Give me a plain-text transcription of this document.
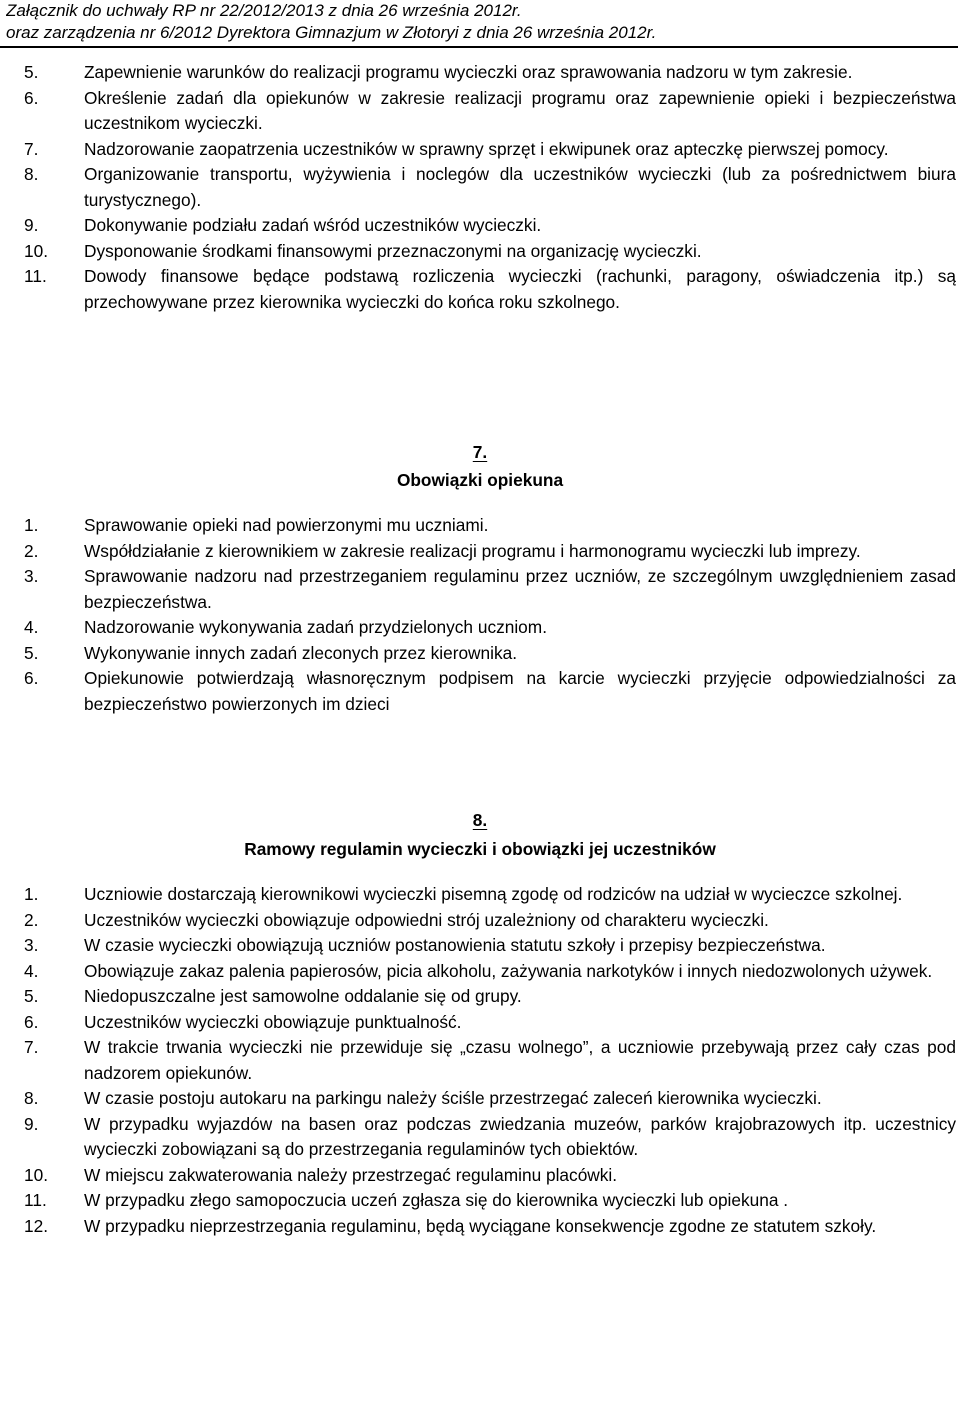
Załącznik do uchwały RP nr 22/2012/2013 z dnia 26 września 2012r.
oraz zarządzenia nr 6/2012 Dyrektora Gimnazjum w Złotoryi z dnia 26 września 2012r.
5.	Zapewnienie warunków do realizacji programu wycieczki oraz sprawowania nadzoru w tym zakresie.
6.	Określenie zadań dla opiekunów w zakresie realizacji programu oraz zapewnienie opieki i bezpieczeństwa uczestnikom wycieczki.
7.	Nadzorowanie zaopatrzenia uczestników w sprawny sprzęt i ekwipunek oraz apteczkę pierwszej pomocy.
8.	Organizowanie transportu, wyżywienia i noclegów dla uczestników wycieczki (lub za pośrednictwem biura turystycznego).
9.	Dokonywanie podziału zadań wśród uczestników wycieczki.
10. Dysponowanie środkami finansowymi przeznaczonymi na organizację wycieczki.
11. Dowody finansowe będące podstawą rozliczenia wycieczki (rachunki, paragony, oświadczenia itp.) są przechowywane przez kierownika wycieczki do końca roku szkolnego.
7.
Obowiązki opiekuna
1.	Sprawowanie opieki nad powierzonymi mu uczniami.
2.	Współdziałanie z kierownikiem w zakresie realizacji programu i harmonogramu wycieczki lub imprezy.
3.	Sprawowanie nadzoru nad przestrzeganiem regulaminu przez uczniów, ze szczególnym uwzględnieniem zasad bezpieczeństwa.
4.	Nadzorowanie wykonywania zadań przydzielonych uczniom.
5.	Wykonywanie innych zadań zleconych przez kierownika.
6.	Opiekunowie potwierdzają własnoręcznym podpisem na karcie wycieczki przyjęcie odpowiedzialności za bezpieczeństwo powierzonych im dzieci
8.
Ramowy regulamin wycieczki i obowiązki jej uczestników
1.	Uczniowie dostarczają kierownikowi wycieczki pisemną zgodę od rodziców na udział w wycieczce szkolnej.
2.	Uczestników wycieczki obowiązuje odpowiedni strój uzależniony od charakteru wycieczki.
3.	W czasie wycieczki obowiązują uczniów postanowienia statutu szkoły i przepisy bezpieczeństwa.
4.	Obowiązuje zakaz palenia papierosów, picia alkoholu, zażywania narkotyków i innych niedozwolonych używek.
5.	Niedopuszczalne jest samowolne oddalanie się od grupy.
6.	Uczestników wycieczki obowiązuje punktualność.
7.	W trakcie trwania wycieczki nie przewiduje się „czasu wolnego”, a uczniowie przebywają przez cały czas pod nadzorem opiekunów.
8.	W czasie postoju autokaru na parkingu należy ściśle przestrzegać zaleceń kierownika wycieczki.
9.	W przypadku wyjazdów na basen oraz podczas zwiedzania muzeów, parków krajobrazowych itp. uczestnicy wycieczki zobowiązani są do przestrzegania regulaminów tych obiektów.
10. W miejscu zakwaterowania należy przestrzegać regulaminu placówki.
11. W przypadku złego samopoczucia uczeń zgłasza się do kierownika wycieczki lub opiekuna .
12. W przypadku nieprzestrzegania regulaminu, będą wyciągane konsekwencje zgodne ze statutem szkoły.
